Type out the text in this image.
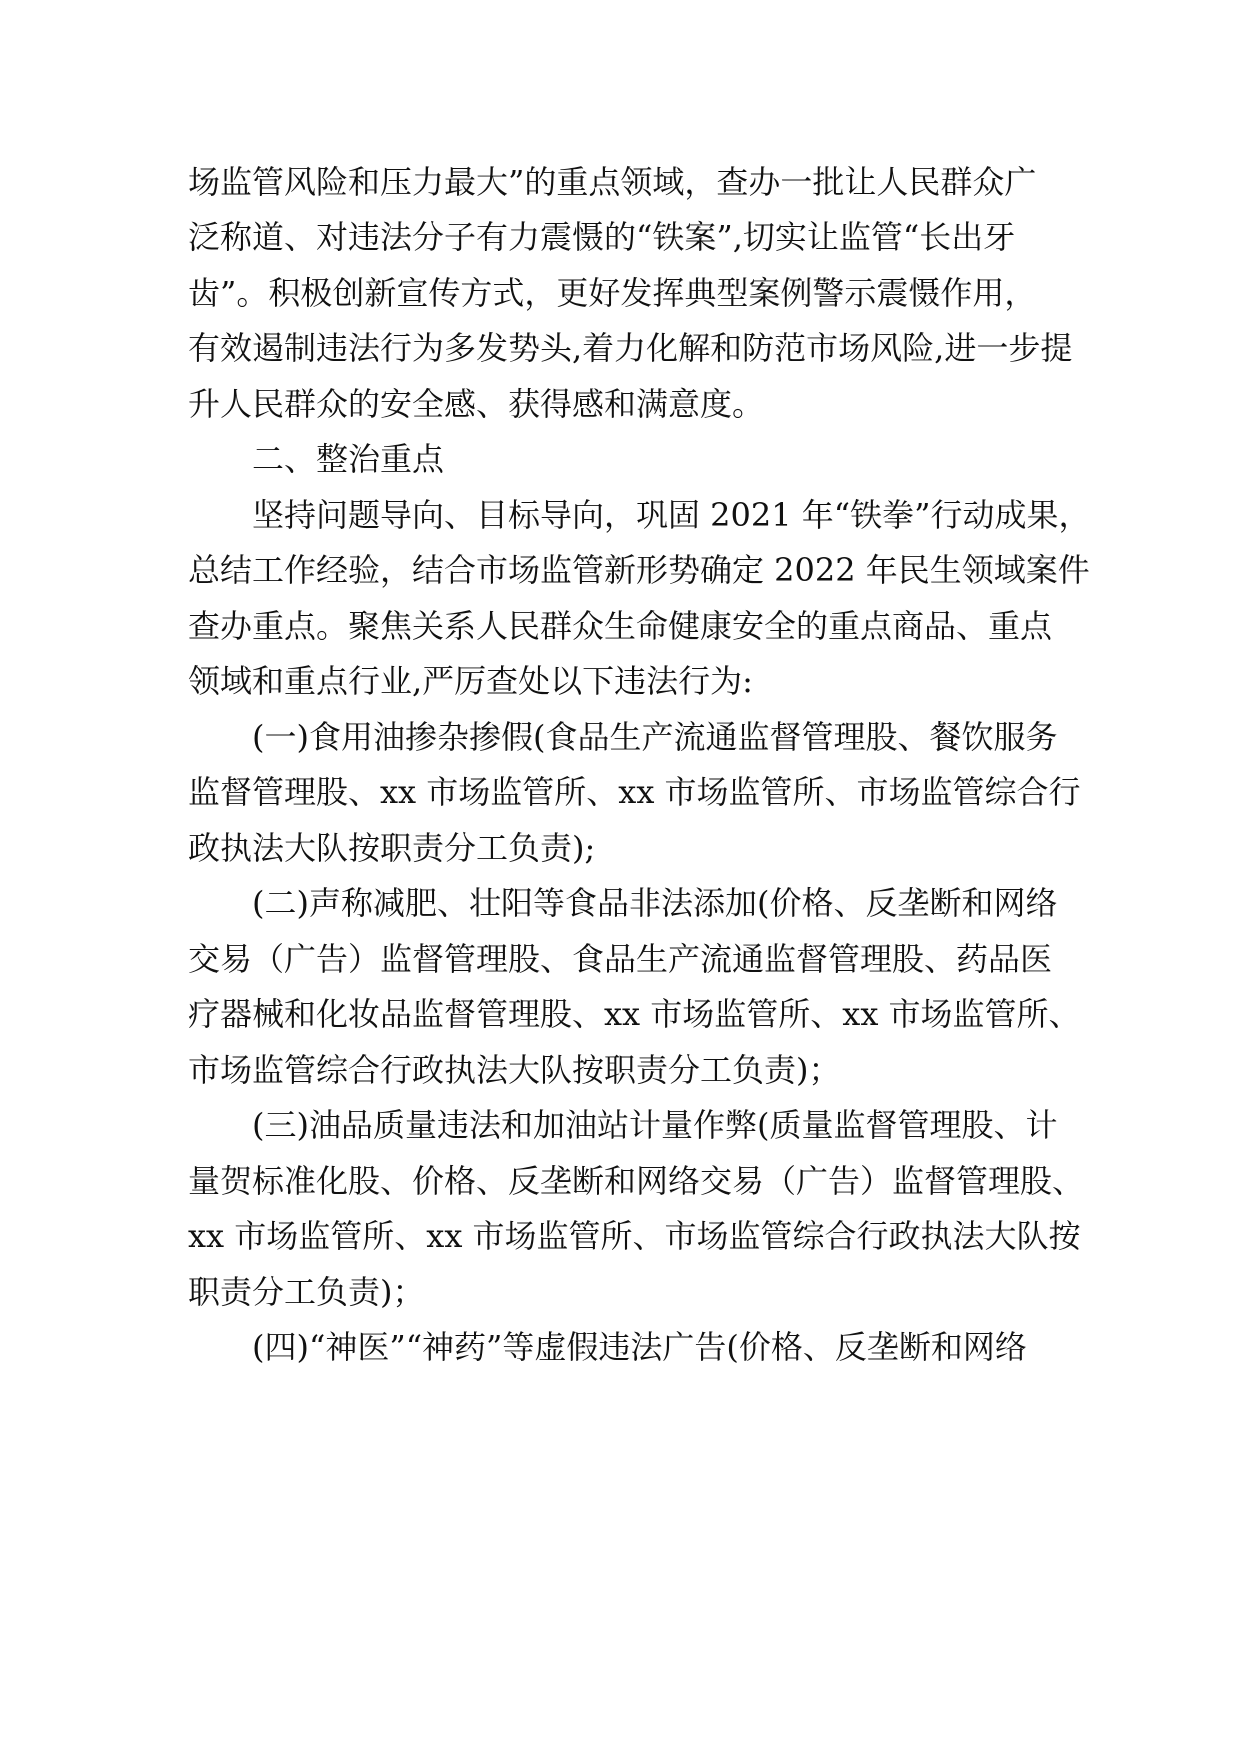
场监管风险和压力最大”的重点领域，查办一批让人民群众广
泛称道、对违法分子有力震慑的“铁案”,切实让监管“长出牙
齿”。积极创新宣传方式，更好发挥典型案例警示震慑作用，
有效遏制违法行为多发势头,着力化解和防范市场风险,进一步提
升人民群众的安全感、获得感和满意度。
二、整治重点
坚持问题导向、目标导向，巩固 2021 年“铁拳”行动成果，
总结工作经验，结合市场监管新形势确定 2022 年民生领域案件
查办重点。聚焦关系人民群众生命健康安全的重点商品、重点
领域和重点行业,严厉查处以下违法行为:
(一)食用油掺杂掺假(食品生产流通监督管理股、餐饮服务
监督管理股、xx 市场监管所、xx 市场监管所、市场监管综合行
政执法大队按职责分工负责);
(二)声称减肥、壮阳等食品非法添加(价格、反垄断和网络
交易（广告）监督管理股、食品生产流通监督管理股、药品医
疗器械和化妆品监督管理股、xx 市场监管所、xx 市场监管所、
市场监管综合行政执法大队按职责分工负责)；
(三)油品质量违法和加油站计量作弊(质量监督管理股、计
量贺标准化股、价格、反垄断和网络交易（广告）监督管理股、
xx 市场监管所、xx 市场监管所、市场监管综合行政执法大队按
职责分工负责)；
(四)“神医”“神药”等虚假违法广告(价格、反垄断和网络
